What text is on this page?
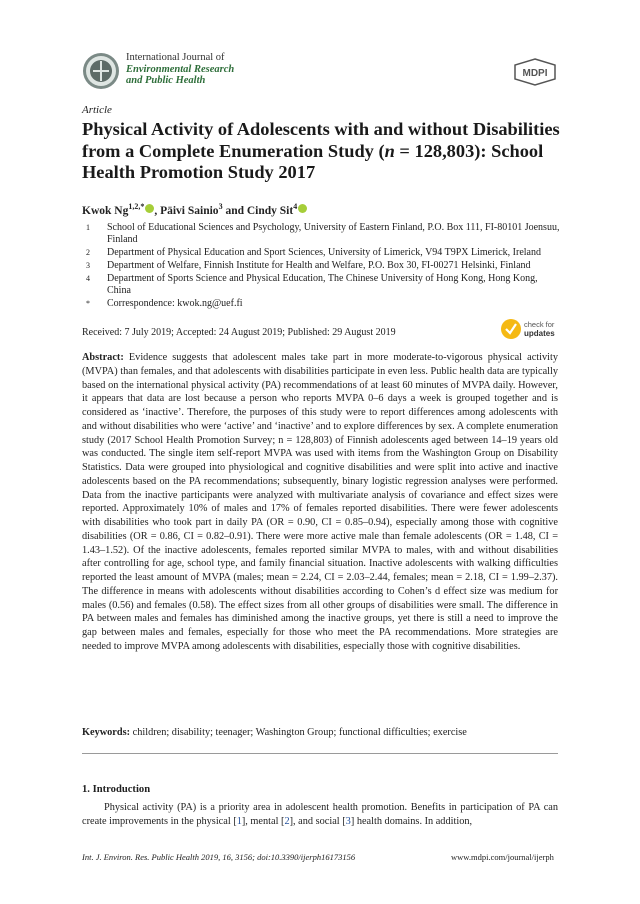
International Journal of
Environmental Research
and Public Health
MDPI
Article
Physical Activity of Adolescents with and without Disabilities from a Complete Enumeration Study (n = 128,803): School Health Promotion Study 2017
Kwok $Ng^{1,2,*}$ , Päivi Sainio$^3$ and Cindy Sit$^4$
1 School of Educational Sciences and Psychology, University of Eastern Finland, P.O. Box 111, FI-80101 Joensuu, Finland
2 Department of Physical Education and Sport Sciences, University of Limerick, V94 T9PX Limerick, Ireland
3 Department of Welfare, Finnish Institute for Health and Welfare, P.O. Box 30, FI-00271 Helsinki, Finland
4 Department of Sports Science and Physical Education, The Chinese University of Hong Kong, Hong Kong, China
* Correspondence: kwok.ng@uef.fi
Received: 7 July 2019; Accepted: 24 August 2019; Published: 29 August 2019
check for
updates
Abstract: Evidence suggests that adolescent males take part in more moderate-to-vigorous physical activity (MVPA) than females, and that adolescents with disabilities participate in even less. Public health data are typically based on the international physical activity (PA) recommendations of at least 60 minutes of MVPA daily. However, it appears that data are lost because a person who reports MVPA 0–6 days a week is grouped together and is considered as ‘inactive’. Therefore, the purposes of this study were to report differences among adolescents with and without disabilities who were ‘active’ and ‘inactive’ and to explore differences by sex. A complete enumeration study (2017 School Health Promotion Survey; n = 128,803) of Finnish adolescents aged between 14–19 years old was conducted. The single item self-report MVPA was used with items from the Washington Group on Disability Statistics. Data were grouped into physiological and cognitive disabilities and were split into active and inactive adolescents based on the PA recommendations; subsequently, binary logistic regression analyses were performed. Data from the inactive participants were analyzed with multivariate analysis of covariance and effect sizes were reported. Approximately 10% of males and 17% of females reported disabilities. There were fewer adolescents with disabilities who took part in daily PA (OR = 0.90, CI = 0.85–0.94), especially among those with cognitive disabilities (OR = 0.86, CI = 0.82–0.91). There were more active male than female adolescents (OR = 1.48, CI = 1.43–1.52). Of the inactive adolescents, females reported similar MVPA to males, with and without disabilities after controlling for age, school type, and family financial situation. Inactive adolescents with walking difficulties reported the least amount of MVPA (males; mean = 2.24, CI = 2.03–2.44, females; mean = 2.18, CI = 1.99–2.37). The difference in means with adolescents without disabilities according to Cohen’s d effect size was medium for males (0.56) and females (0.58). The effect sizes from all other groups of disabilities were small. The difference in PA between males and females has diminished among the inactive groups, yet there is still a need to improve the gap between males and females, especially for those who meet the PA recommendations. More strategies are needed to improve MVPA among adolescents with disabilities, especially those with cognitive disabilities.
Keywords: children; disability; teenager; Washington Group; functional difficulties; exercise
1. Introduction

Physical activity (PA) is a priority area in adolescent health promotion. Benefits in participation of PA can create improvements in the physical [1], mental [2], and social [3] health domains. In addition,

Int. J. Environ. Res. Public Health 2019, 16, 3156; doi:10.3390/ijerph16173156	www.mdpi.com/journal/ijerph
